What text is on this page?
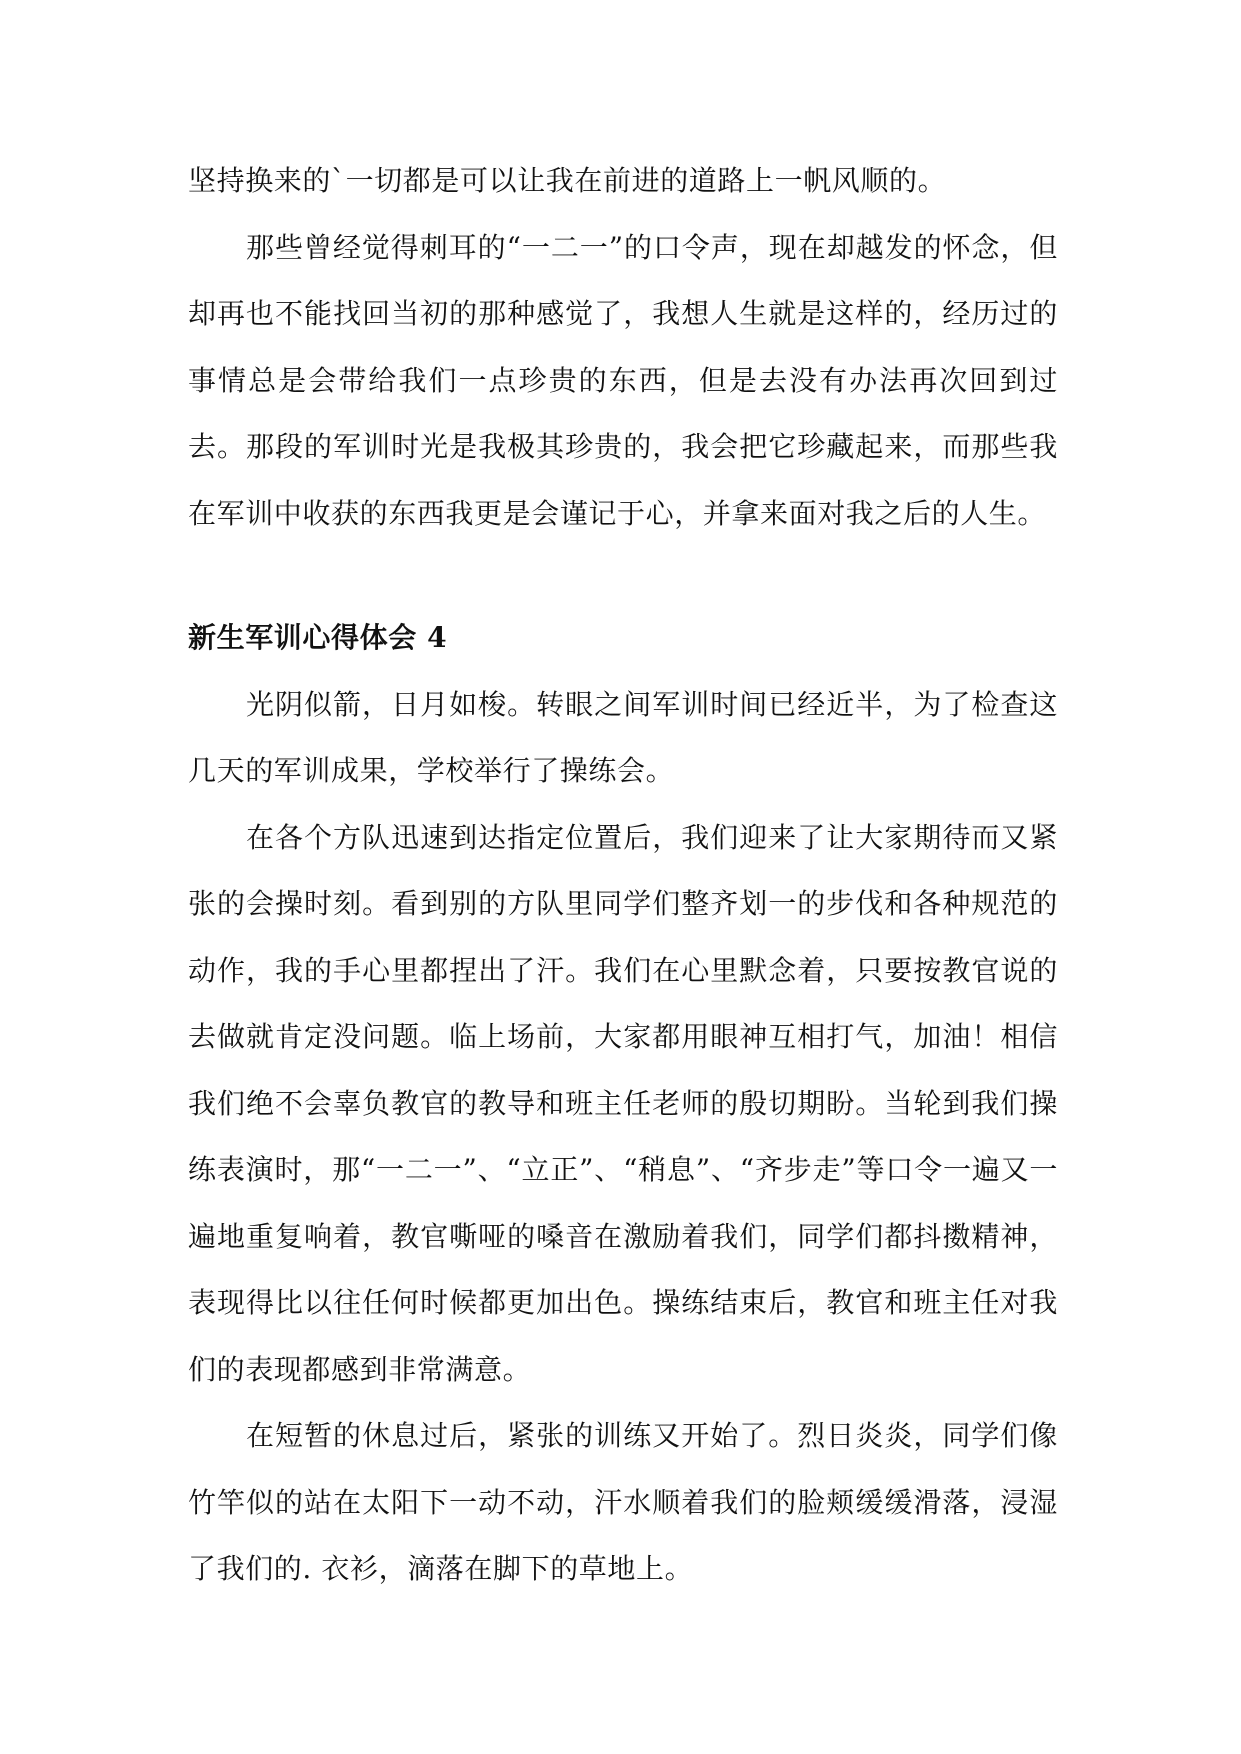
坚持换来的`一切都是可以让我在前进的道路上一帆风顺的。

那些曾经觉得刺耳的“一二一”的口令声，现在却越发的怀念，但却再也不能找回当初的那种感觉了，我想人生就是这样的，经历过的事情总是会带给我们一点珍贵的东西，但是去没有办法再次回到过去。那段的军训时光是我极其珍贵的，我会把它珍藏起来，而那些我在军训中收获的东西我更是会谨记于心，并拿来面对我之后的人生。

新生军训心得体会 4

光阴似箭，日月如梭。转眼之间军训时间已经近半，为了检查这几天的军训成果，学校举行了操练会。

在各个方队迅速到达指定位置后，我们迎来了让大家期待而又紧张的会操时刻。看到别的方队里同学们整齐划一的步伐和各种规范的动作，我的手心里都捏出了汗。我们在心里默念着，只要按教官说的去做就肯定没问题。临上场前，大家都用眼神互相打气，加油！相信我们绝不会辜负教官的教导和班主任老师的殷切期盼。当轮到我们操练表演时，那“一二一”、“立正”、“稍息”、“齐步走”等口令一遍又一遍地重复响着，教官嘶哑的嗓音在激励着我们，同学们都抖擞精神，表现得比以往任何时候都更加出色。操练结束后，教官和班主任对我们的表现都感到非常满意。

在短暂的休息过后，紧张的训练又开始了。烈日炎炎，同学们像竹竿似的站在太阳下一动不动，汗水顺着我们的脸颊缓缓滑落，浸湿了我们的. 衣衫，滴落在脚下的草地上。
